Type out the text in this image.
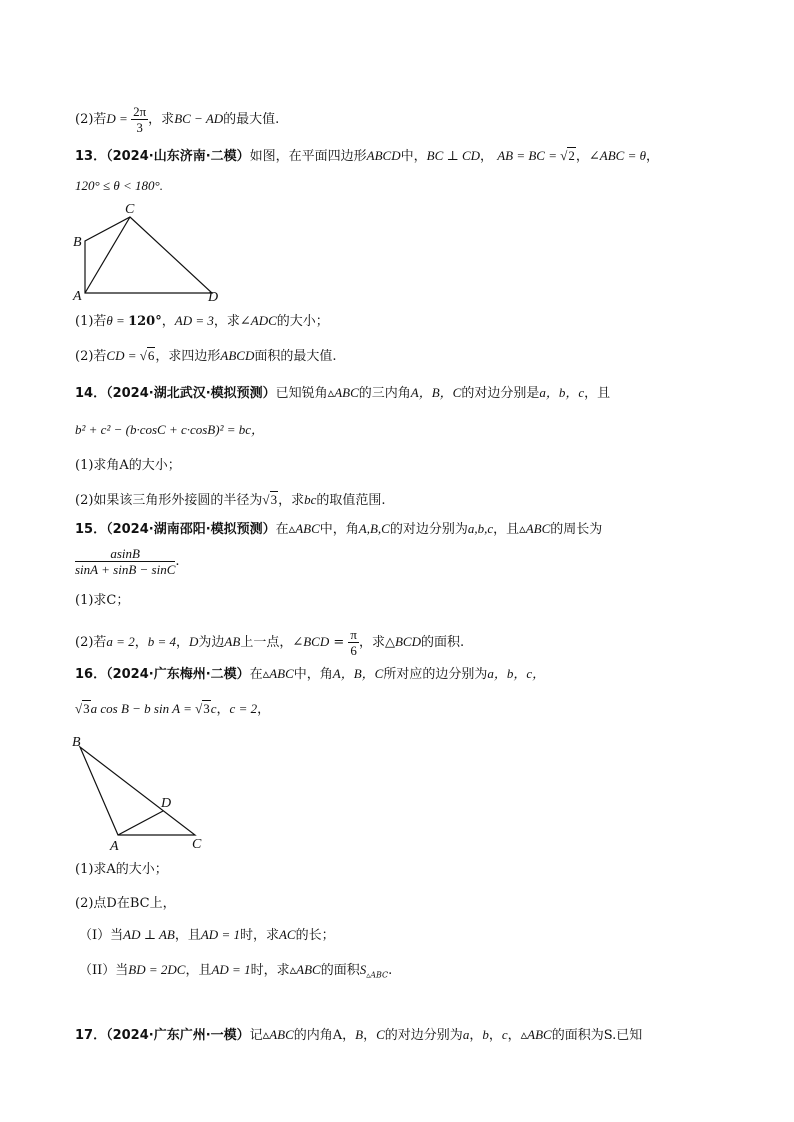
(2)若$D = \frac{2\pi}{3}$ ，求BC − AD的最大值.
13．（2024·山东济南·二模）如图，在平面四边形ABCD中，BC ⊥ CD， AB = BC = √2，∠ABC = θ，
120° ≤ θ < 180°.
C
B
A	D
(1)若θ = 120°，AD = 3，求∠ADC的大小；
(2)若CD = √6，求四边形ABCD面积的最大值.
14．（2024·湖北武汉·模拟预测）已知锐角▵ABC的三内角A，B，C的对边分别是a，b，c，且
b² + c² − (b·cosC + c·cosB)² = bc，
(1)求角A的大小；
(2)如果该三角形外接圆的半径为√3，求bc的取值范围.
15．（2024·湖南邵阳·模拟预测）在▵ABC中，角A,B,C的对边分别为a,b,c，且▵ABC的周长为
$\frac{asinB}{\sin A + \sin B - \sin C}$ .
(1)求C；
(2)若a = 2，b = 4，D为边AB上一点，∠BCD = $\frac{\pi}{6}$ ，求△BCD的面积.
16．（2024·广东梅州·二模）在▵ABC中，角A，B，C所对应的边分别为a，b，c，
√3a cos B − b sin A = √3c，c = 2，
B
D
A	C
(1)求A的大小；
(2)点D在BC上，
（I）当AD ⊥ AB，且AD = 1时，求AC的长；
（II）当BD = 2DC，且AD = 1时，求▵ABC的面积$S_{▵ABC}$.
17．（2024·广东广州·一模）记▵ABC的内角A，B，C的对边分别为a，b，c，▵ABC的面积为S.已知
